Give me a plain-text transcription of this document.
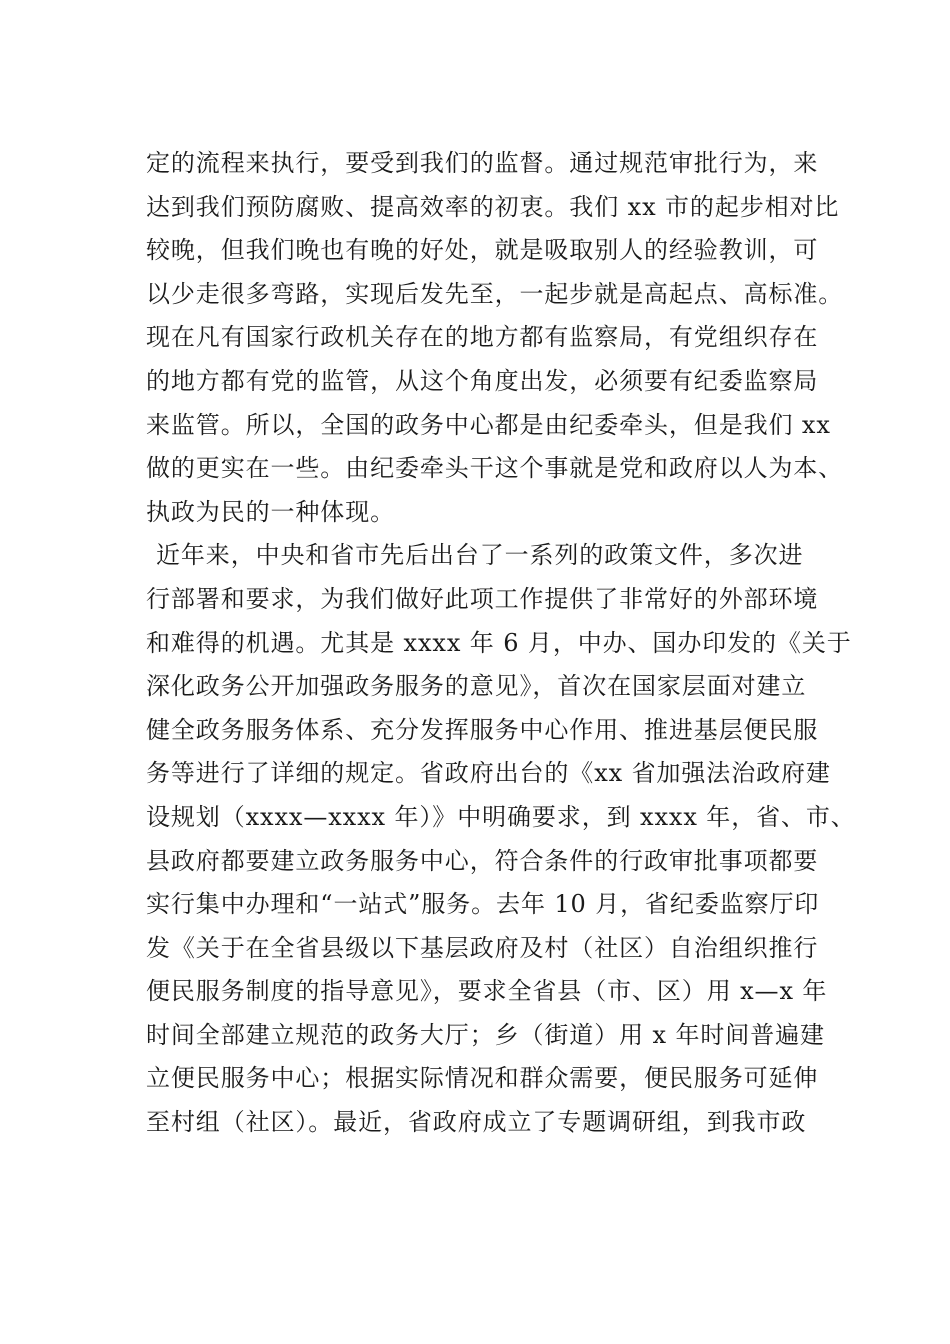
定的流程来执行，要受到我们的监督。通过规范审批行为，来
达到我们预防腐败、提高效率的初衷。我们 xx 市的起步相对比
较晚，但我们晚也有晚的好处，就是吸取别人的经验教训，可
以少走很多弯路，实现后发先至，一起步就是高起点、高标准。
现在凡有国家行政机关存在的地方都有监察局，有党组织存在
的地方都有党的监管，从这个角度出发，必须要有纪委监察局
来监管。所以，全国的政务中心都是由纪委牵头，但是我们 xx
做的更实在一些。由纪委牵头干这个事就是党和政府以人为本、
执政为民的一种体现。
近年来，中央和省市先后出台了一系列的政策文件，多次进
行部署和要求，为我们做好此项工作提供了非常好的外部环境
和难得的机遇。尤其是 xxxx 年 6 月，中办、国办印发的《关于
深化政务公开加强政务服务的意见》，首次在国家层面对建立
健全政务服务体系、充分发挥服务中心作用、推进基层便民服
务等进行了详细的规定。省政府出台的《xx 省加强法治政府建
设规划（xxxx—xxxx 年）》中明确要求，到 xxxx 年，省、市、
县政府都要建立政务服务中心，符合条件的行政审批事项都要
实行集中办理和“一站式”服务。去年 10 月，省纪委监察厅印
发《关于在全省县级以下基层政府及村（社区）自治组织推行
便民服务制度的指导意见》，要求全省县（市、区）用 x—x 年
时间全部建立规范的政务大厅；乡（街道）用 x 年时间普遍建
立便民服务中心；根据实际情况和群众需要，便民服务可延伸
至村组（社区）。最近，省政府成立了专题调研组，到我市政
